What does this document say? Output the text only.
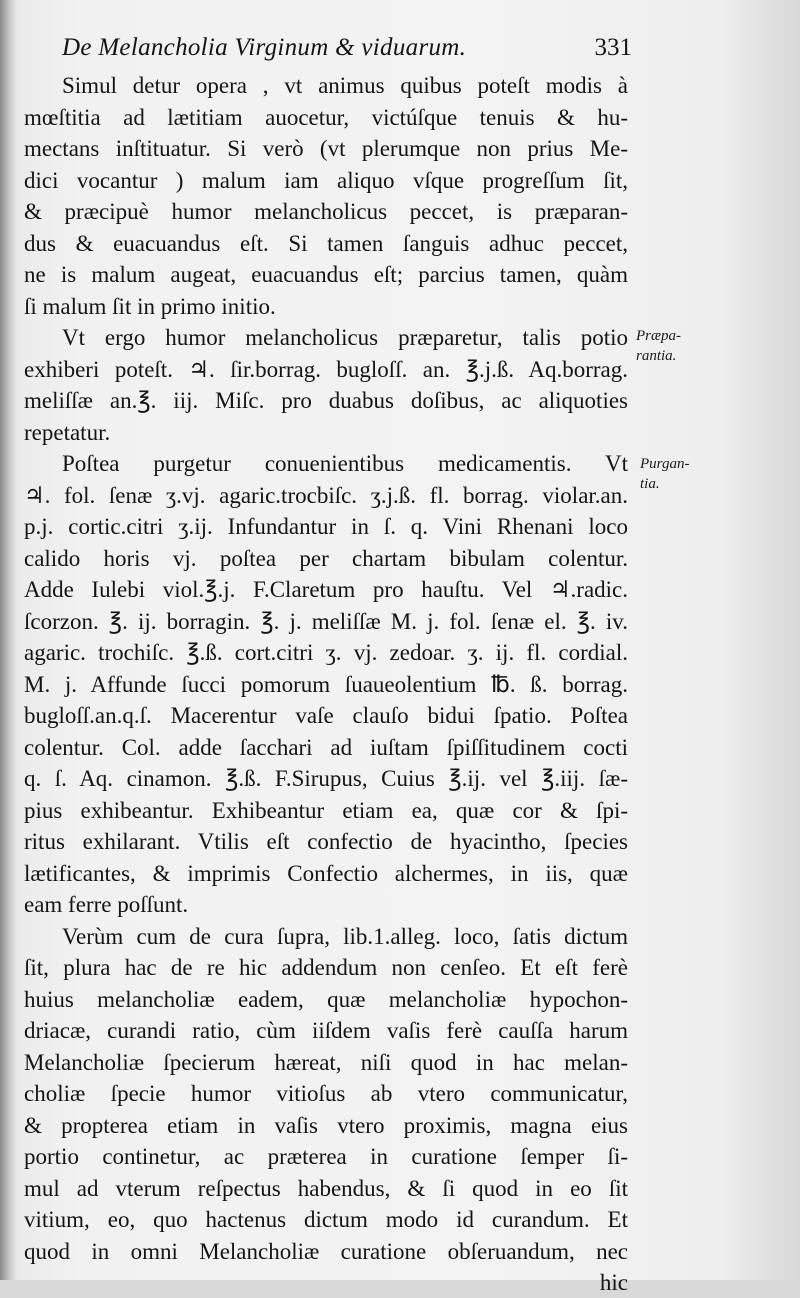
De Melancholia Virginum & viduarum.	331
Simul detur opera , vt animus quibus poteſt modis à
mœſtitia ad lætitiam auocetur, victúſque tenuis & hu-
mectans inſtituatur. Si verò (vt plerumque non prius Me-
dici vocantur ) malum iam aliquo vſque progreſſum ſit,
& præcipuè humor melancholicus peccet, is præparan-
dus & euacuandus eſt. Si tamen ſanguis adhuc peccet,
ne is malum augeat, euacuandus eſt; parcius tamen, quàm
ſi malum ſit in primo initio.
Vt ergo humor melancholicus præparetur, talis potio
exhiberi poteſt. ♃. ſir.borrag. bugloſſ. an. ℥.j.ß. Aq.borrag.
meliſſæ an.℥. iij. Miſc. pro duabus doſibus, ac aliquoties
repetatur.
Poſtea purgetur conuenientibus medicamentis. Vt
♃. fol. ſenæ ʒ.vj. agaric.trocbiſc. ʒ.j.ß. fl. borrag. violar.an.
p.j. cortic.citri ʒ.ij. Infundantur in ſ. q. Vini Rhenani loco
calido horis vj. poſtea per chartam bibulam colentur.
Adde Iulebi viol.℥.j. F.Claretum pro hauſtu. Vel ♃.radic.
ſcorzon. ℥. ij. borragin. ℥. j. meliſſæ M. j. fol. ſenæ el. ℥. iv.
agaric. trochiſc. ℥.ß. cort.citri ʒ. vj. zedoar. ʒ. ij. fl. cordial.
M. j. Affunde ſucci pomorum ſuaueolentium ℔. ß. borrag.
bugloſſ.an.q.ſ. Macerentur vaſe clauſo bidui ſpatio. Poſtea
colentur. Col. adde ſacchari ad iuſtam ſpiſſitudinem cocti
q. ſ. Aq. cinamon. ℥.ß. F.Sirupus, Cuius ℥.ij. vel ℥.iij. ſæ-
pius exhibeantur. Exhibeantur etiam ea, quæ cor & ſpi-
ritus exhilarant. Vtilis eſt confectio de hyacintho, ſpecies
lætificantes, & imprimis Confectio alchermes, in iis, quæ
eam ferre poſſunt.
Verùm cum de cura ſupra, lib.1.alleg. loco, ſatis dictum
ſit, plura hac de re hic addendum non cenſeo. Et eſt ferè
huius melancholiæ eadem, quæ melancholiæ hypochon-
driacæ, curandi ratio, cùm iiſdem vaſis ferè cauſſa harum
Melancholiæ ſpecierum hæreat, niſi quod in hac melan-
choliæ ſpecie humor vitioſus ab vtero communicatur,
& propterea etiam in vaſis vtero proximis, magna eius
portio continetur, ac præterea in curatione ſemper ſi-
mul ad vterum reſpectus habendus, & ſi quod in eo ſit
vitium, eo, quo hactenus dictum modo id curandum. Et
quod in omni Melancholiæ curatione obſeruandum, nec
hic
Præpa-
rantia.
Purgan-
tia.
